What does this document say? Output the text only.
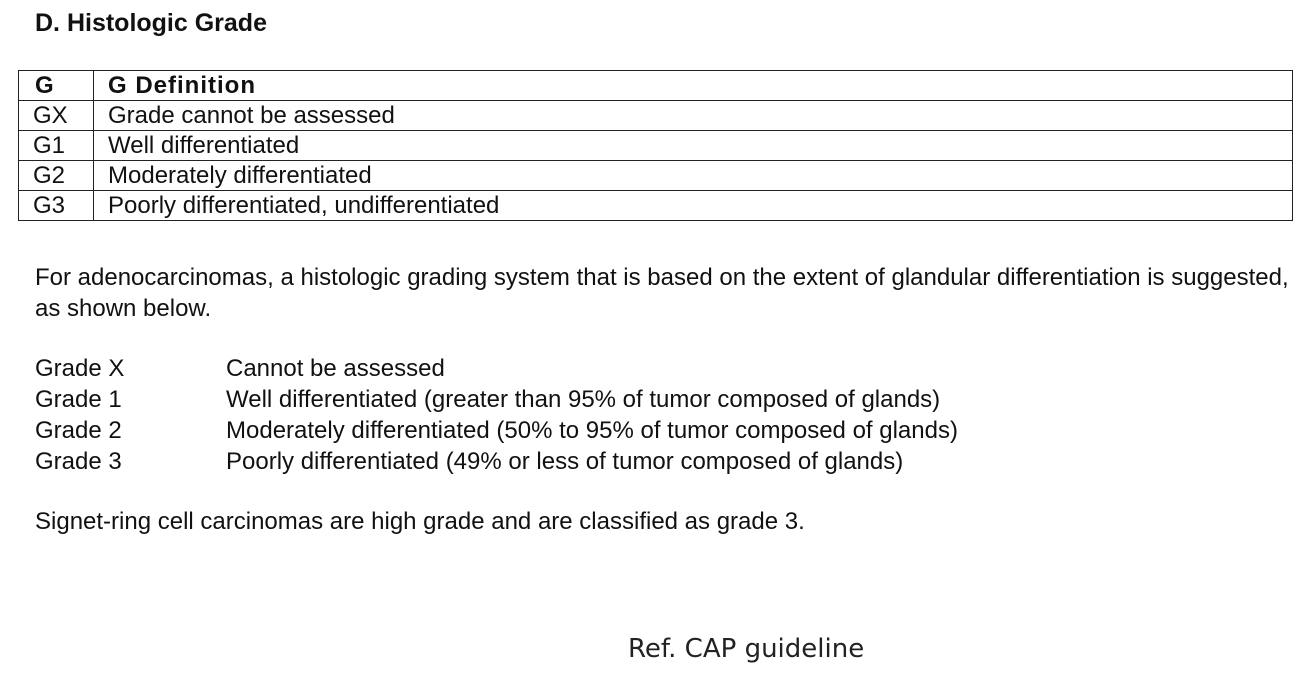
D. Histologic Grade
G	G Definition
GX	Grade cannot be assessed
G1	Well differentiated
G2	Moderately differentiated
G3	Poorly differentiated, undifferentiated
For adenocarcinomas, a histologic grading system that is based on the extent of glandular differentiation is suggested, as shown below.
Grade X	Cannot be assessed
Grade 1	Well differentiated (greater than 95% of tumor composed of glands)
Grade 2	Moderately differentiated (50% to 95% of tumor composed of glands)
Grade 3	Poorly differentiated (49% or less of tumor composed of glands)
Signet-ring cell carcinomas are high grade and are classified as grade 3.
Ref. CAP guideline
